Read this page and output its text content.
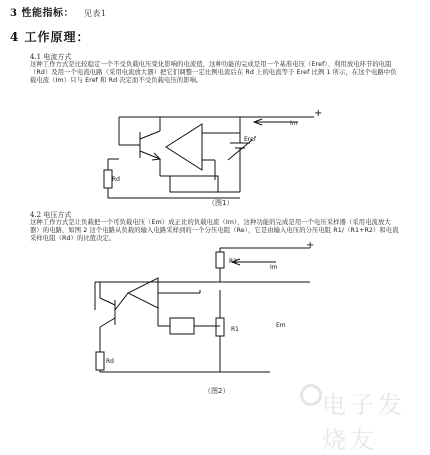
3 性能指标： 见表1
4 工作原理：
4.1 电流方式
这种工作方式是比较稳定一个不受负载电压变化影响的电流值，这种功能的完成是用一个基准电压（Eref）、利用放电环节的电阻（Rd）及用一个电流电路（采用电流放大器）把它们调整一定比例电流后在 Rd 上的电流等于 Eref 比例 1 所示，在这个电路中负载电流（Im）只与 Eref 和 Rd 决定而不受负载电压的影响。
Im
+
Eref
Rd
（图1）
4.2 电压方式
这种工作方式是让负载把一个可负载电压（Em）成正比的负载电流（Im），这种功能的完成是用一个电压采样器（采用电流放大器）的电路，如图 2 这个电路从负载的输入电路采样到的一个分压电阻（Re），它是由输入电压的分压电阻 R1/（R1+R2）和电流采样电阻（Rd）的比值决定。
R2
Im
+
R1
Em
Rd
（图2）	电子发烧友
